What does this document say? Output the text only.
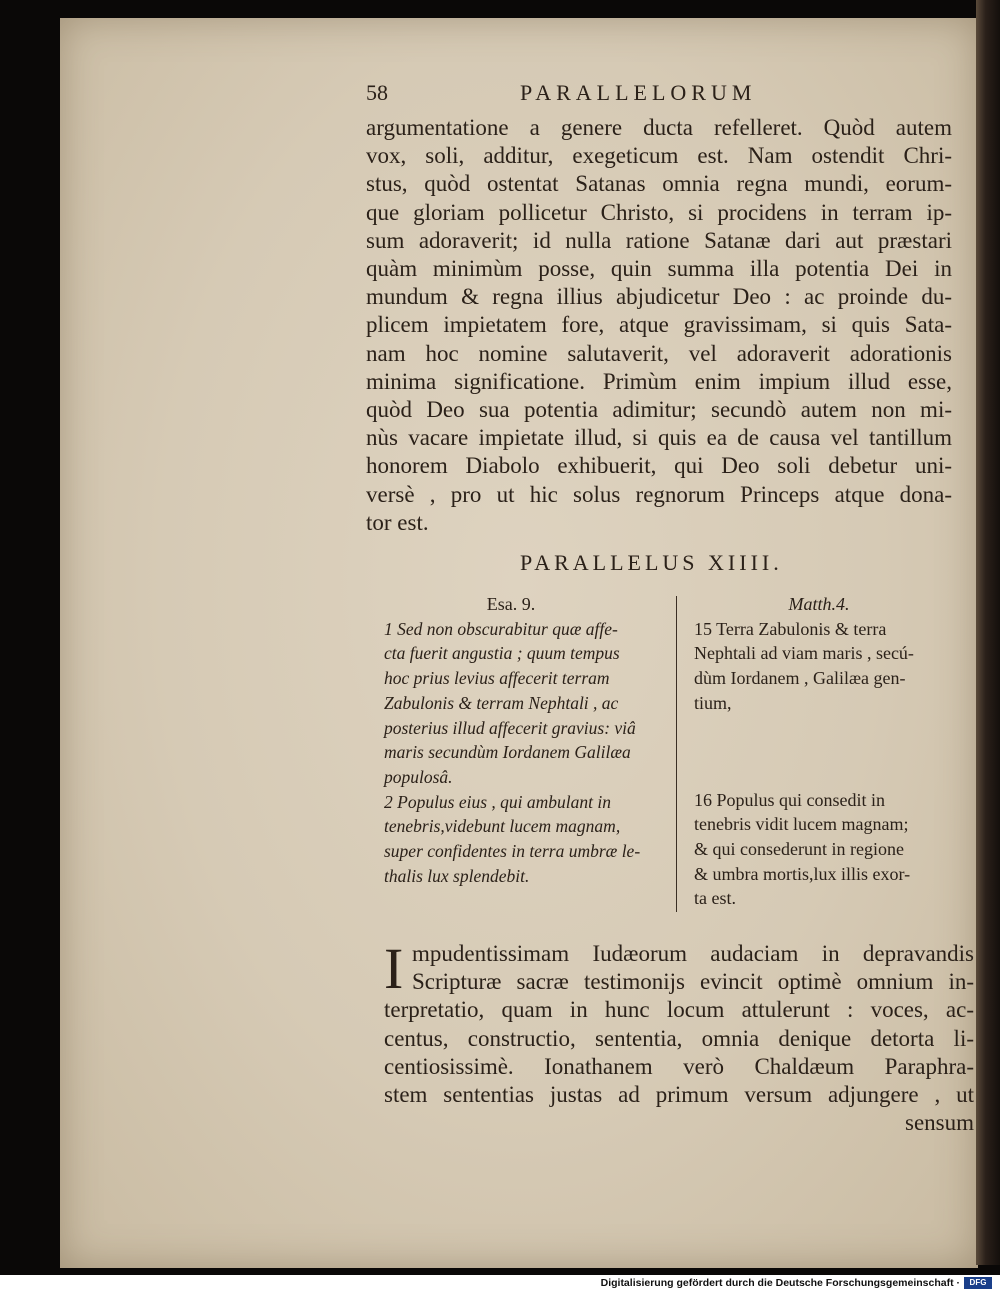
58	PARALLELORUM
argumentatione a genere ducta refelleret. Quòd autem
vox, soli, additur, exegeticum est. Nam ostendit Chri-
stus, quòd ostentat Satanas omnia regna mundi, eorum-
que gloriam pollicetur Christo, si procidens in terram ip-
sum adoraverit; id nulla ratione Satanæ dari aut præstari
quàm minimùm posse, quin summa illa potentia Dei in
mundum & regna illius abjudicetur Deo : ac proinde du-
plicem impietatem fore, atque gravissimam, si quis Sata-
nam hoc nomine salutaverit, vel adoraverit adorationis
minima significatione. Primùm enim impium illud esse,
quòd Deo sua potentia adimitur; secundò autem non mi-
nùs vacare impietate illud, si quis ea de causa vel tantillum
honorem Diabolo exhibuerit, qui Deo soli debetur uni-
versè , pro ut hic solus regnorum Princeps atque dona-
tor est.
PARALLELUS XIIII.
Esa. 9.
1 Sed non obscurabitur quæ affe-
cta fuerit angustia ; quum tempus
hoc prius levius affecerit terram
Zabulonis & terram Nephtali , ac
posterius illud affecerit gravius: viâ
maris secundùm Iordanem Galilæa
populosâ.
2 Populus eius , qui ambulant in
tenebris,videbunt lucem magnam,
super confidentes in terra umbræ le-
thalis lux splendebit.
Matth.4.
15 Terra Zabulonis & terra
Nephtali ad viam maris , secú-
dùm Iordanem , Galilæa gen-
tium,
16 Populus qui consedit in
tenebris vidit lucem magnam;
& qui consederunt in regione
& umbra mortis,lux illis exor-
ta est.
I mpudentissimam Iudæorum audaciam in depravandis
Scripturæ sacræ testimonijs evincit optimè omnium in-
terpretatio, quam in hunc locum attulerunt : voces, ac-
centus, constructio, sententia, omnia denique detorta li-
centiosissimè. Ionathanem verò Chaldæum Paraphra-
stem sententias justas ad primum versum adjungere , ut
sensum
Digitalisierung gefördert durch die Deutsche Forschungsgemeinschaft ·	DFG
